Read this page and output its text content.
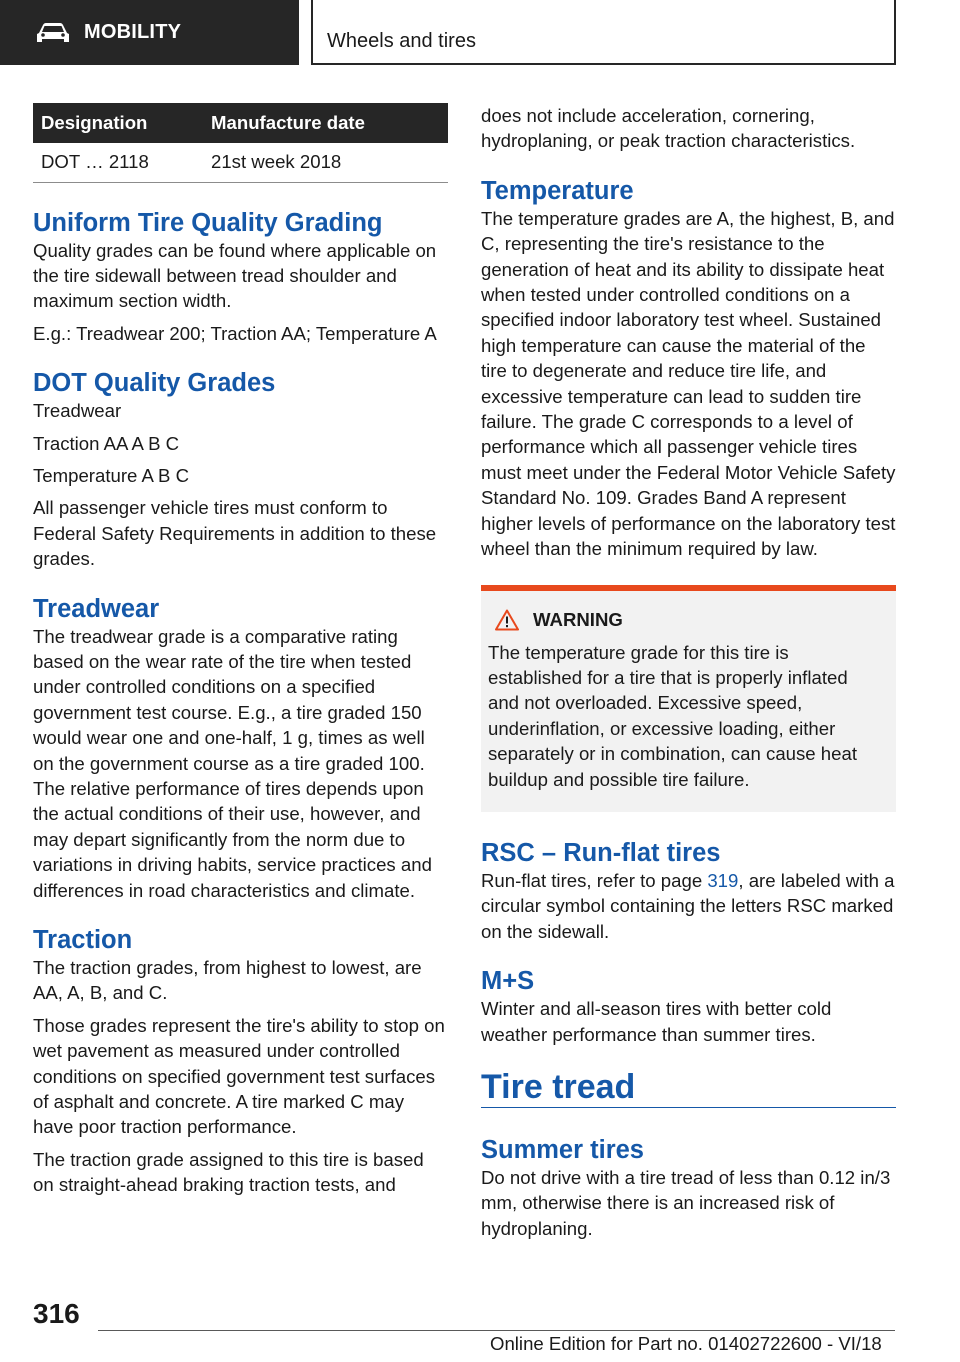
MOBILITY	Wheels and tires
Designation	Manufacture date
DOT … 2118	21st week 2018
Uniform Tire Quality Grading

Quality grades can be found where applicable on the tire sidewall between tread shoulder and maximum section width.

E.g.: Treadwear 200; Traction AA; Temperature A

DOT Quality Grades

Treadwear

Traction AA A B C

Temperature A B C

All passenger vehicle tires must conform to Federal Safety Requirements in addition to these grades.

Treadwear

The treadwear grade is a comparative rating based on the wear rate of the tire when tested under controlled conditions on a specified government test course. E.g., a tire graded 150 would wear one and one-half, 1 g, times as well on the government course as a tire graded 100. The relative performance of tires depends upon the actual conditions of their use, however, and may depart significantly from the norm due to variations in driving habits, service practices and differences in road characteristics and climate.

Traction

The traction grades, from highest to lowest, are AA, A, B, and C.

Those grades represent the tire's ability to stop on wet pavement as measured under controlled conditions on specified government test surfaces of asphalt and concrete. A tire marked C may have poor traction performance.

The traction grade assigned to this tire is based on straight-ahead braking traction tests, and

does not include acceleration, cornering, hydroplaning, or peak traction characteristics.

Temperature

The temperature grades are A, the highest, B, and C, representing the tire's resistance to the generation of heat and its ability to dissipate heat when tested under controlled conditions on a specified indoor laboratory test wheel. Sustained high temperature can cause the material of the tire to degenerate and reduce tire life, and excessive temperature can lead to sudden tire failure. The grade C corresponds to a level of performance which all passenger vehicle tires must meet under the Federal Motor Vehicle Safety Standard No. 109. Grades Band A represent higher levels of performance on the laboratory test wheel than the minimum required by law.

WARNING

The temperature grade for this tire is established for a tire that is properly inflated and not overloaded. Excessive speed, underinflation, or excessive loading, either separately or in combination, can cause heat buildup and possible tire failure.

RSC – Run-flat tires

Run-flat tires, refer to page 319, are labeled with a circular symbol containing the letters RSC marked on the sidewall.

M+S

Winter and all-season tires with better cold weather performance than summer tires.

Tire tread
Summer tires

Do not drive with a tire tread of less than 0.12 in/3 mm, otherwise there is an increased risk of hydroplaning.

316
Online Edition for Part no. 01402722600 - VI/18
